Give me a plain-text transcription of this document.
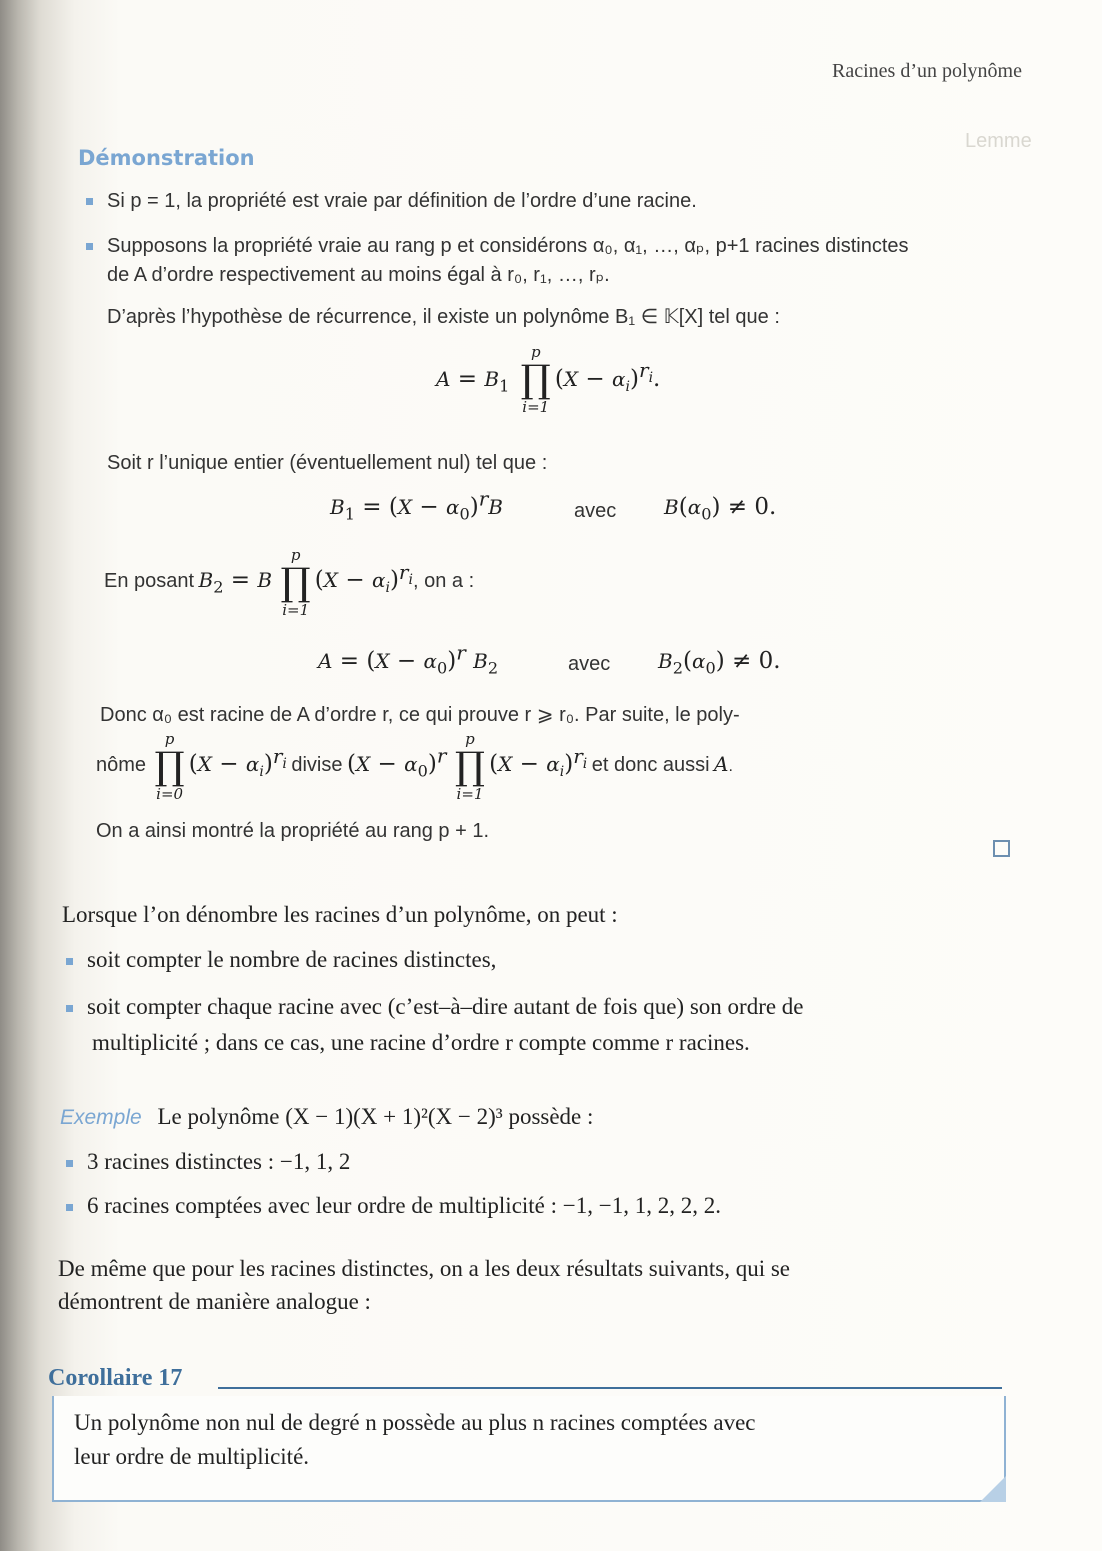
Racines d’un polynôme
Lemme
Démonstration
Si p = 1, la propriété est vraie par définition de l’ordre d’une racine.
Supposons la propriété vraie au rang p et considérons α₀, α₁, …, αₚ, p+1 racines distinctes
de A d’ordre respectivement au moins égal à r₀, r₁, …, rₚ.
D’après l’hypothèse de récurrence, il existe un polynôme B₁ ∈ 𝕂[X] tel que :
$A = B_1$
p
∏
i=1
$(X - \alpha_i)^{r_i}$.
Soit r l’unique entier (éventuellement nul) tel que :
$B_1 = (X - \alpha_0)^rB$	avec $B(\alpha_0) \ne 0$.
En posant $B_2 = B$
p
∏
i=1
$(X - \alpha_i)^{r_i}$, on a :
$A = (X - \alpha_0)^r$ $B_2$	avec $B_2(\alpha_0) \ne 0$.
Donc α₀ est racine de A d’ordre r, ce qui prouve r ⩾ r₀. Par suite, le poly-
nôme
p
∏
i=0
$(X - \alpha_i)^{r_i}$ divise $(X - \alpha_0)^r$
p
∏
i=1
$(X - \alpha_i)^{r_i}$ et donc aussi A.
On a ainsi montré la propriété au rang p + 1.
Lorsque l’on dénombre les racines d’un polynôme, on peut :
soit compter le nombre de racines distinctes,
soit compter chaque racine avec (c’est–à–dire autant de fois que) son ordre de
multiplicité ; dans ce cas, une racine d’ordre r compte comme r racines.
Exemple Le polynôme (X − 1)(X + 1)²(X − 2)³ possède :
3 racines distinctes : −1, 1, 2
6 racines comptées avec leur ordre de multiplicité : −1, −1, 1, 2, 2, 2.
De même que pour les racines distinctes, on a les deux résultats suivants, qui se
démontrent de manière analogue :
Corollaire 17
Un polynôme non nul de degré n possède au plus n racines comptées avec
leur ordre de multiplicité.
